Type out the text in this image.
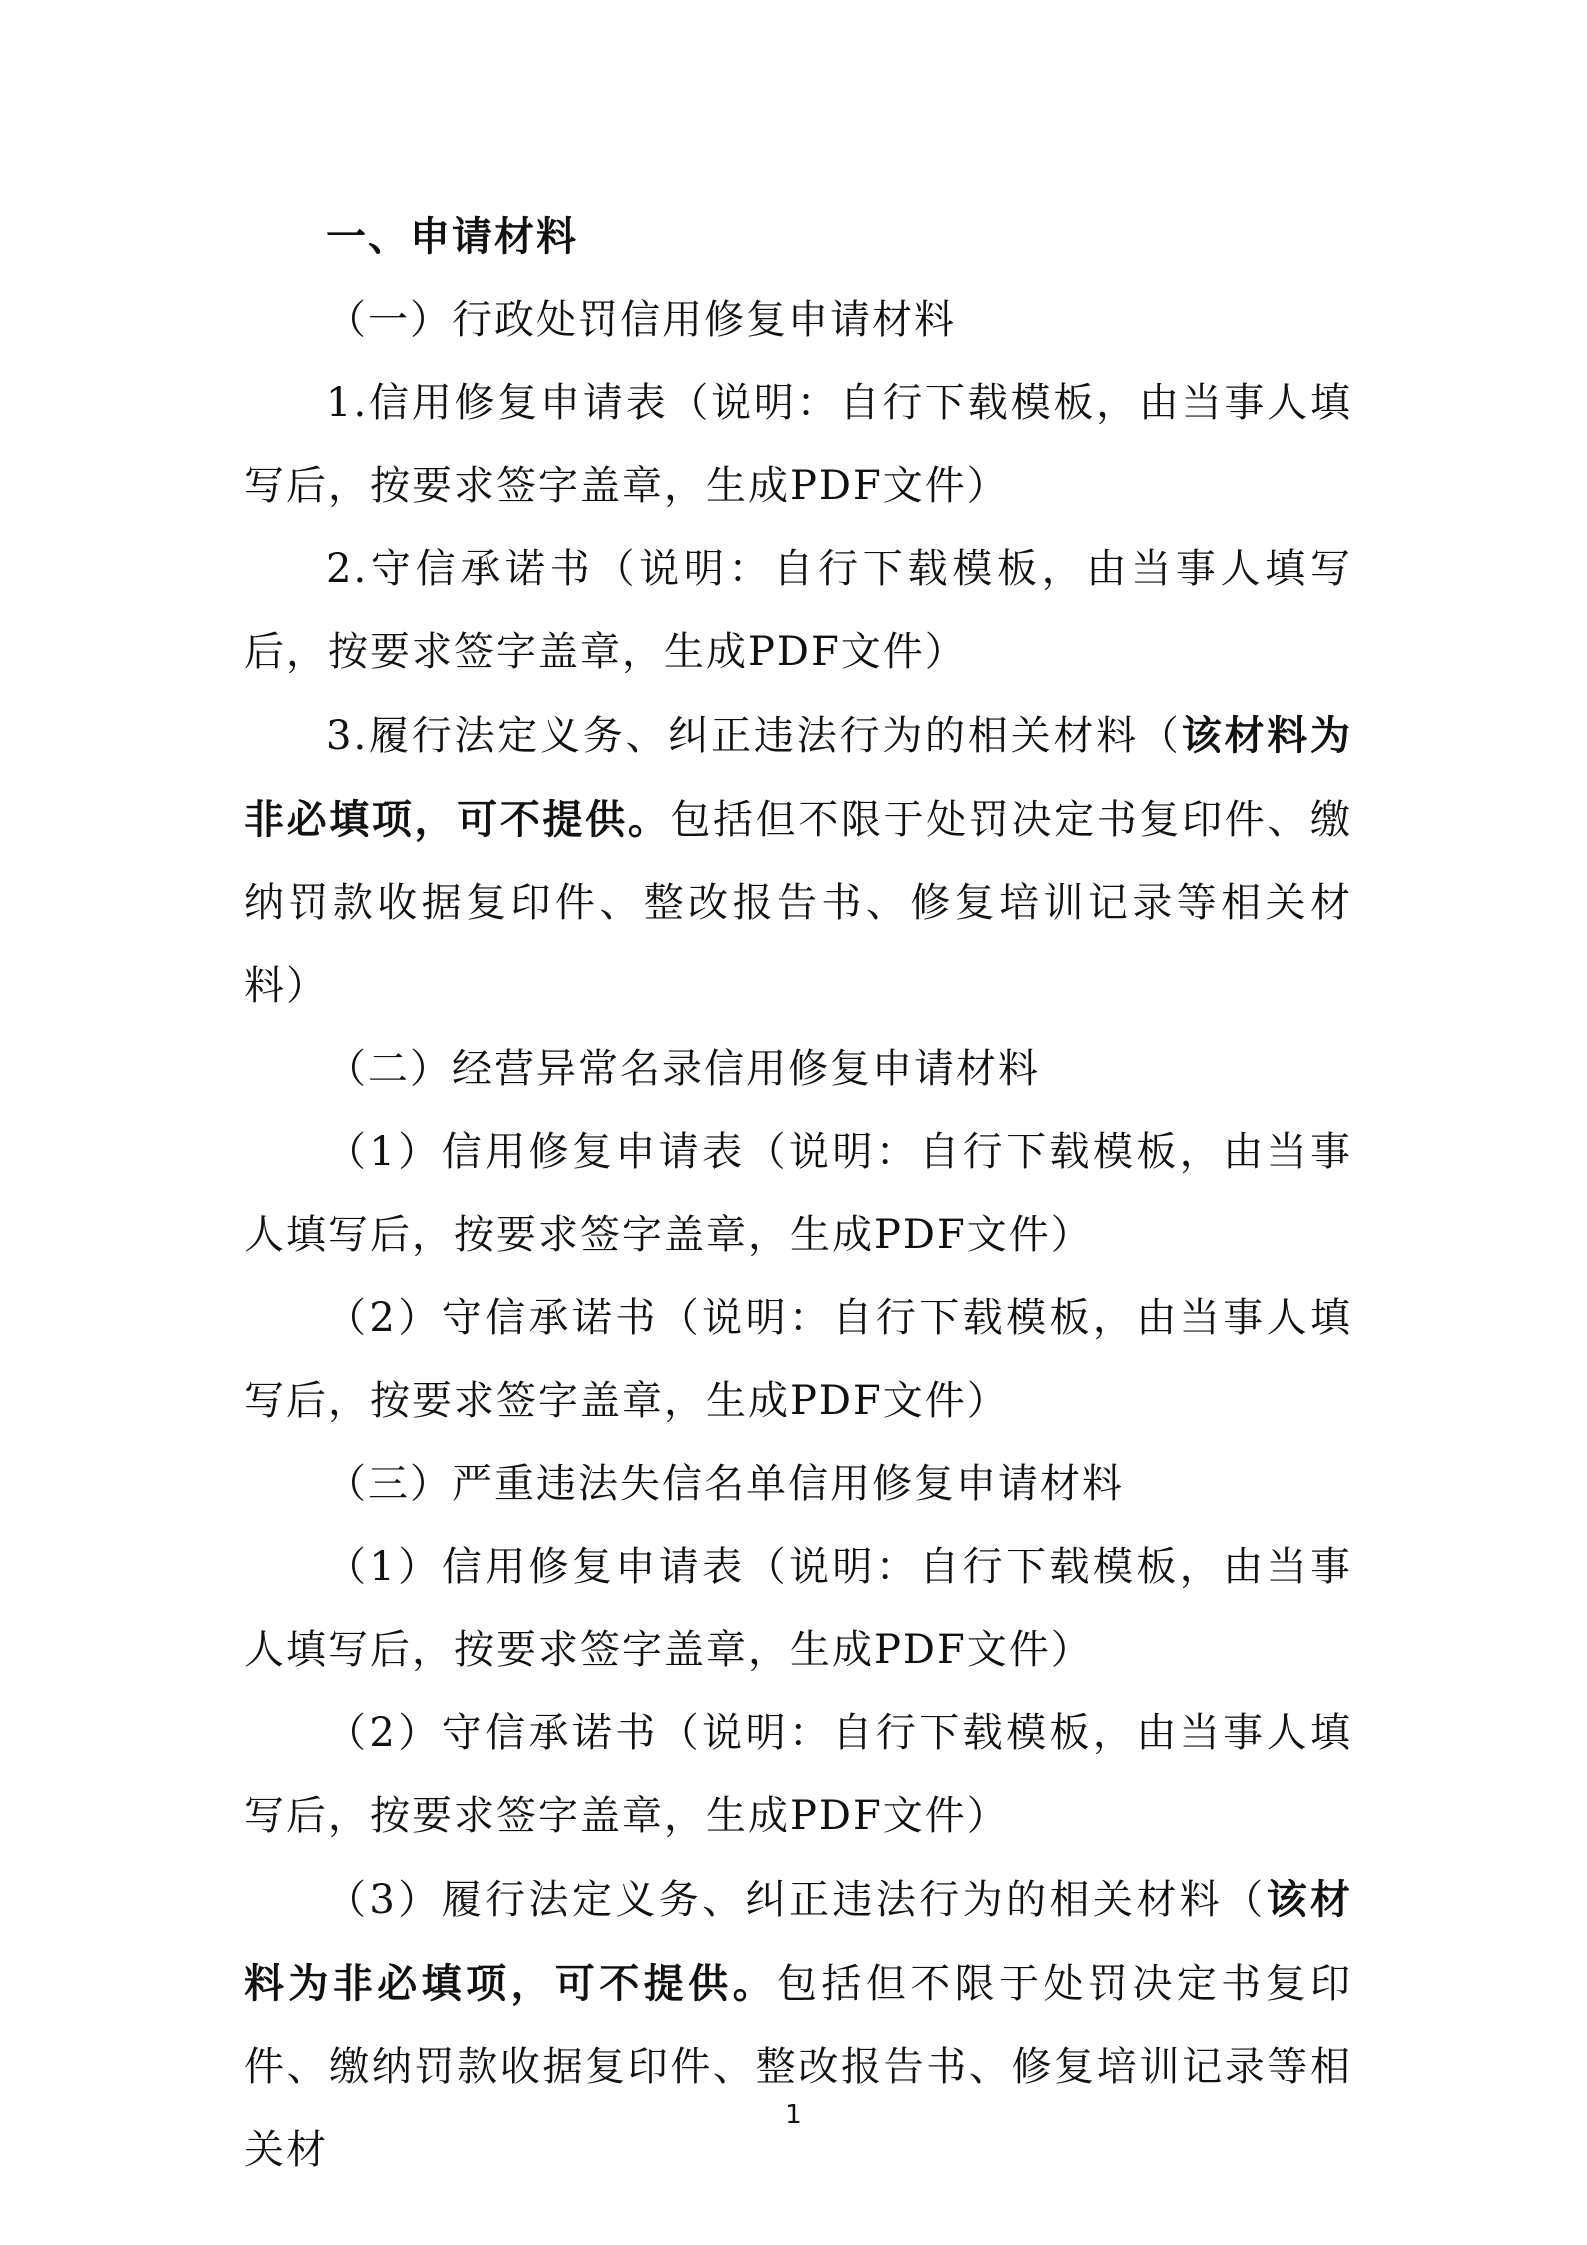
一、申请材料

（一）行政处罚信用修复申请材料

1.信用修复申请表（说明：自行下载模板，由当事人填写后，按要求签字盖章，生成PDF文件）

2.守信承诺书（说明：自行下载模板，由当事人填写后，按要求签字盖章，生成PDF文件）

3.履行法定义务、纠正违法行为的相关材料（该材料为非必填项，可不提供。包括但不限于处罚决定书复印件、缴纳罚款收据复印件、整改报告书、修复培训记录等相关材料）

（二）经营异常名录信用修复申请材料

（1）信用修复申请表（说明：自行下载模板，由当事人填写后，按要求签字盖章，生成PDF文件）

（2）守信承诺书（说明：自行下载模板，由当事人填写后，按要求签字盖章，生成PDF文件）

（三）严重违法失信名单信用修复申请材料

（1）信用修复申请表（说明：自行下载模板，由当事人填写后，按要求签字盖章，生成PDF文件）

（2）守信承诺书（说明：自行下载模板，由当事人填写后，按要求签字盖章，生成PDF文件）

（3）履行法定义务、纠正违法行为的相关材料（该材料为非必填项，可不提供。包括但不限于处罚决定书复印件、缴纳罚款收据复印件、整改报告书、修复培训记录等相关材

1
